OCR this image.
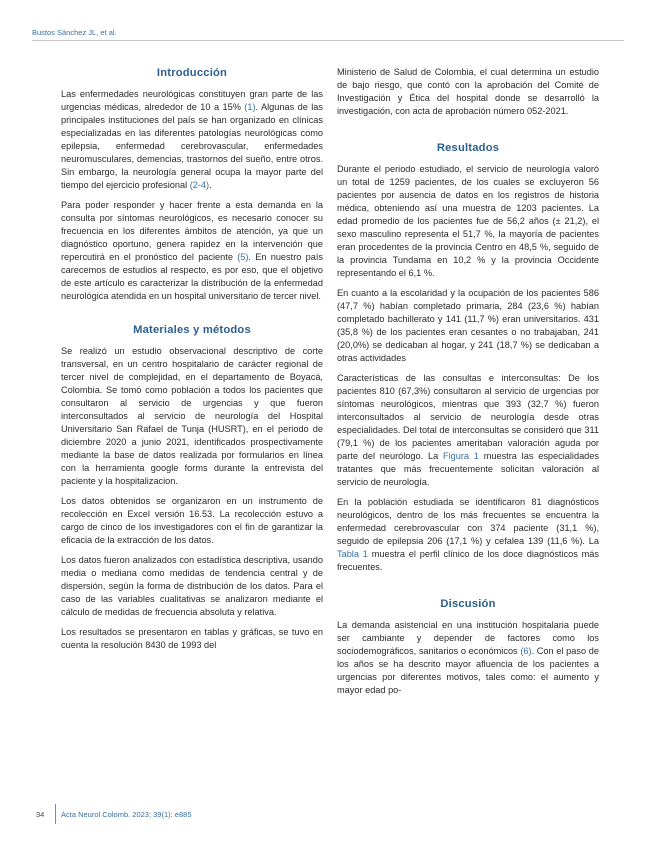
Bustos Sánchez JL, et al.
Introducción

Las enfermedades neurológicas constituyen gran parte de las urgencias médicas, alrededor de 10 a 15% (1). Algunas de las principales instituciones del país se han organizado en clínicas especializadas en las diferentes patologías neurológicas como epilepsia, enfermedad cerebrovascular, enfermedades neuromusculares, demencias, trastornos del sueño, entre otros. Sin embargo, la neurología general ocupa la mayor parte del tiempo del ejercicio profesional (2-4).

Para poder responder y hacer frente a esta demanda en la consulta por síntomas neurológicos, es necesario conocer su frecuencia en los diferentes ámbitos de atención, ya que un diagnóstico oportuno, genera rapidez en la intervención que repercutirá en el pronóstico del paciente (5). En nuestro país carecemos de estudios al respecto, es por eso, que el objetivo de este artículo es caracterizar la distribución de la enfermedad neurológica atendida en un hospital universitario de tercer nivel.

Materiales y métodos

Se realizó un estudio observacional descriptivo de corte transversal, en un centro hospitalario de carácter regional de tercer nivel de complejidad, en el departamento de Boyacá, Colombia. Se tomó como población a todos los pacientes que consultaron al servicio de urgencias y que fueron interconsultados al servicio de neurología del Hospital Universitario San Rafael de Tunja (HUSRT), en el periodo de diciembre 2020 a junio 2021, identificados prospectivamente mediante la base de datos realizada por formularios en línea con la herramienta google forms durante la entrevista del paciente y la hospitalizacion.

Los datos obtenidos se organizaron en un instrumento de recolección en Excel versión 16.53. La recolección estuvo a cargo de cinco de los investigadores con el fin de garantizar la eficacia de la extracción de los datos.

Los datos fueron analizados con estadística descriptiva, usando media o mediana como medidas de tendencia central y de dispersión, según la forma de distribución de los datos. Para el caso de las variables cualitativas se analizaron mediante el cálculo de medidas de frecuencia absoluta y relativa.

Los resultados se presentaron en tablas y gráficas, se tuvo en cuenta la resolución 8430 de 1993 del

Ministerio de Salud de Colombia, el cual determina un estudio de bajo riesgo, que contó con la aprobación del Comité de Investigación y Ética del hospital donde se desarrolló la investigación, con acta de aprobación número 052-2021.

Resultados

Durante el periodo estudiado, el servicio de neurología valoró un total de 1259 pacientes, de los cuales se excluyeron 56 pacientes por ausencia de datos en los registros de historia médica, obteniendo así una muestra de 1203 pacientes. La edad promedio de los pacientes fue de 56,2 años (± 21,2), el sexo masculino representa el 51,7 %, la mayoría de pacientes eran procedentes de la provincia Centro en 48,5 %, seguido de la provincia Tundama en 10,2 % y la provincia Occidente representando el 6,1 %.

En cuanto a la escolaridad y la ocupación de los pacientes 586 (47,7 %) habían completado primaria, 284 (23,6 %) habían completado bachillerato y 141 (11,7 %) eran universitarios. 431 (35,8 %) de los pacientes eran cesantes o no trabajaban, 241 (20,0%) se dedicaban al hogar, y 241 (18,7 %) se dedicaban a otras actividades

Características de las consultas e interconsultas: De los pacientes 810 (67,3%) consultaron al servicio de urgencias por síntomas neurológicos, mientras que 393 (32,7 %) fueron interconsultados al servicio de neurología desde otras especialidades. Del total de interconsultas se consideró que 311 (79,1 %) de los pacientes ameritaban valoración aguda por parte del neurólogo. La Figura 1 muestra las especialidades tratantes que más frecuentemente solicitan valoración al servicio de neurología.

En la población estudiada se identificaron 81 diagnósticos neurológicos, dentro de los más frecuentes se encuentra la enfermedad cerebrovascular con 374 paciente (31,1 %), seguido de epilepsia 206 (17,1 %) y cefalea 139 (11,6 %). La Tabla 1 muestra el perfil clínico de los doce diagnósticos más frecuentes.

Discusión

La demanda asistencial en una institución hospitalaria puede ser cambiante y depender de factores como los sociodemográficos, sanitarios o económicos (6). Con el paso de los años se ha descrito mayor afluencia de los pacientes a urgencias por diferentes motivos, tales como: el aumento y mayor edad po-

34 Acta Neurol Colomb. 2023; 39(1): e885
